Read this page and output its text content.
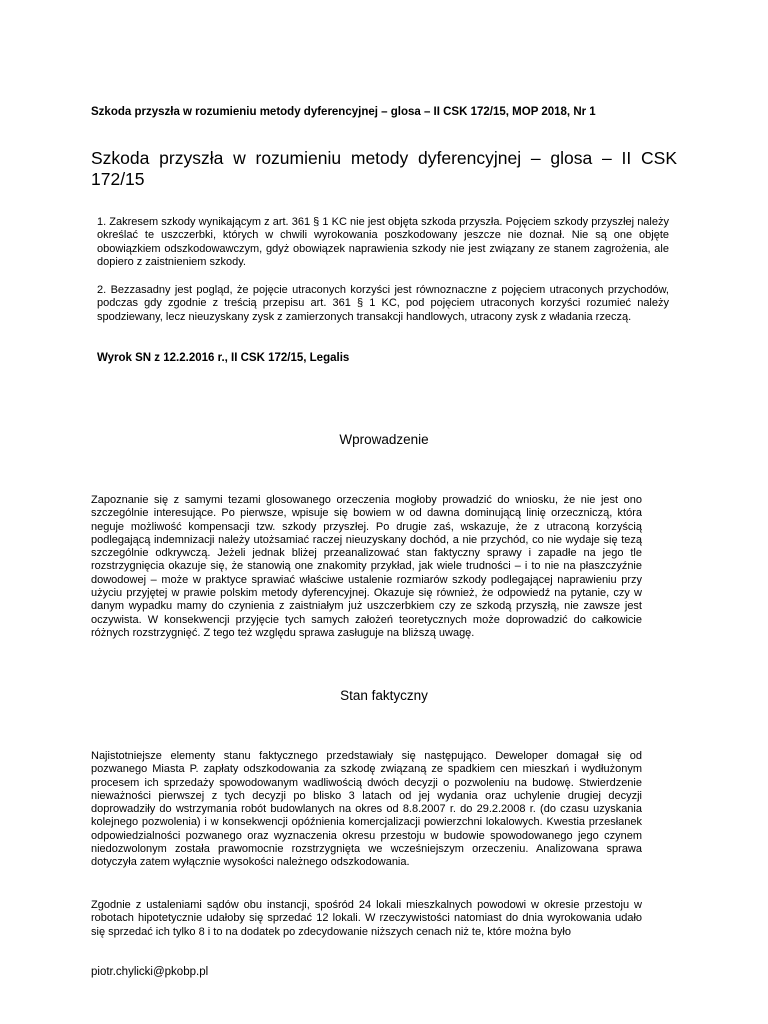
Szkoda przyszła w rozumieniu metody dyferencyjnej – glosa – II CSK 172/15, MOP 2018, Nr 1
Szkoda przyszła w rozumieniu metody dyferencyjnej – glosa – II CSK 172/15

1. Zakresem szkody wynikającym z art. 361 § 1 KC nie jest objęta szkoda przyszła. Pojęciem szkody przyszłej należy określać te uszczerbki, których w chwili wyrokowania poszkodowany jeszcze nie doznał. Nie są one objęte obowiązkiem odszkodowawczym, gdyż obowiązek naprawienia szkody nie jest związany ze stanem zagrożenia, ale dopiero z zaistnieniem szkody.

2. Bezzasadny jest pogląd, że pojęcie utraconych korzyści jest równoznaczne z pojęciem utraconych przychodów, podczas gdy zgodnie z treścią przepisu art. 361 § 1 KC, pod pojęciem utraconych korzyści rozumieć należy spodziewany, lecz nieuzyskany zysk z zamierzonych transakcji handlowych, utracony zysk z władania rzeczą.

Wyrok SN z 12.2.2016 r., II CSK 172/15, Legalis
Wprowadzenie

Zapoznanie się z samymi tezami glosowanego orzeczenia mogłoby prowadzić do wniosku, że nie jest ono szczególnie interesujące. Po pierwsze, wpisuje się bowiem w od dawna dominującą linię orzeczniczą, która neguje możliwość kompensacji tzw. szkody przyszłej. Po drugie zaś, wskazuje, że z utraconą korzyścią podlegającą indemnizacji należy utożsamiać raczej nieuzyskany dochód, a nie przychód, co nie wydaje się tezą szczególnie odkrywczą. Jeżeli jednak bliżej przeanalizować stan faktyczny sprawy i zapadłe na jego tle rozstrzygnięcia okazuje się, że stanowią one znakomity przykład, jak wiele trudności – i to nie na płaszczyźnie dowodowej – może w praktyce sprawiać właściwe ustalenie rozmiarów szkody podlegającej naprawieniu przy użyciu przyjętej w prawie polskim metody dyferencyjnej. Okazuje się również, że odpowiedź na pytanie, czy w danym wypadku mamy do czynienia z zaistniałym już uszczerbkiem czy ze szkodą przyszłą, nie zawsze jest oczywista. W konsekwencji przyjęcie tych samych założeń teoretycznych może doprowadzić do całkowicie różnych rozstrzygnięć. Z tego też względu sprawa zasługuje na bliższą uwagę.

Stan faktyczny

Najistotniejsze elementy stanu faktycznego przedstawiały się następująco. Deweloper domagał się od pozwanego Miasta P. zapłaty odszkodowania za szkodę związaną ze spadkiem cen mieszkań i wydłużonym procesem ich sprzedaży spowodowanym wadliwością dwóch decyzji o pozwoleniu na budowę. Stwierdzenie nieważności pierwszej z tych decyzji po blisko 3 latach od jej wydania oraz uchylenie drugiej decyzji doprowadziły do wstrzymania robót budowlanych na okres od 8.8.2007 r. do 29.2.2008 r. (do czasu uzyskania kolejnego pozwolenia) i w konsekwencji opóźnienia komercjalizacji powierzchni lokalowych. Kwestia przesłanek odpowiedzialności pozwanego oraz wyznaczenia okresu przestoju w budowie spowodowanego jego czynem niedozwolonym została prawomocnie rozstrzygnięta we wcześniejszym orzeczeniu. Analizowana sprawa dotyczyła zatem wyłącznie wysokości należnego odszkodowania.

Zgodnie z ustaleniami sądów obu instancji, spośród 24 lokali mieszkalnych powodowi w okresie przestoju w robotach hipotetycznie udałoby się sprzedać 12 lokali. W rzeczywistości natomiast do dnia wyrokowania udało się sprzedać ich tylko 8 i to na dodatek po zdecydowanie niższych cenach niż te, które można było

piotr.chylicki@pkobp.pl
